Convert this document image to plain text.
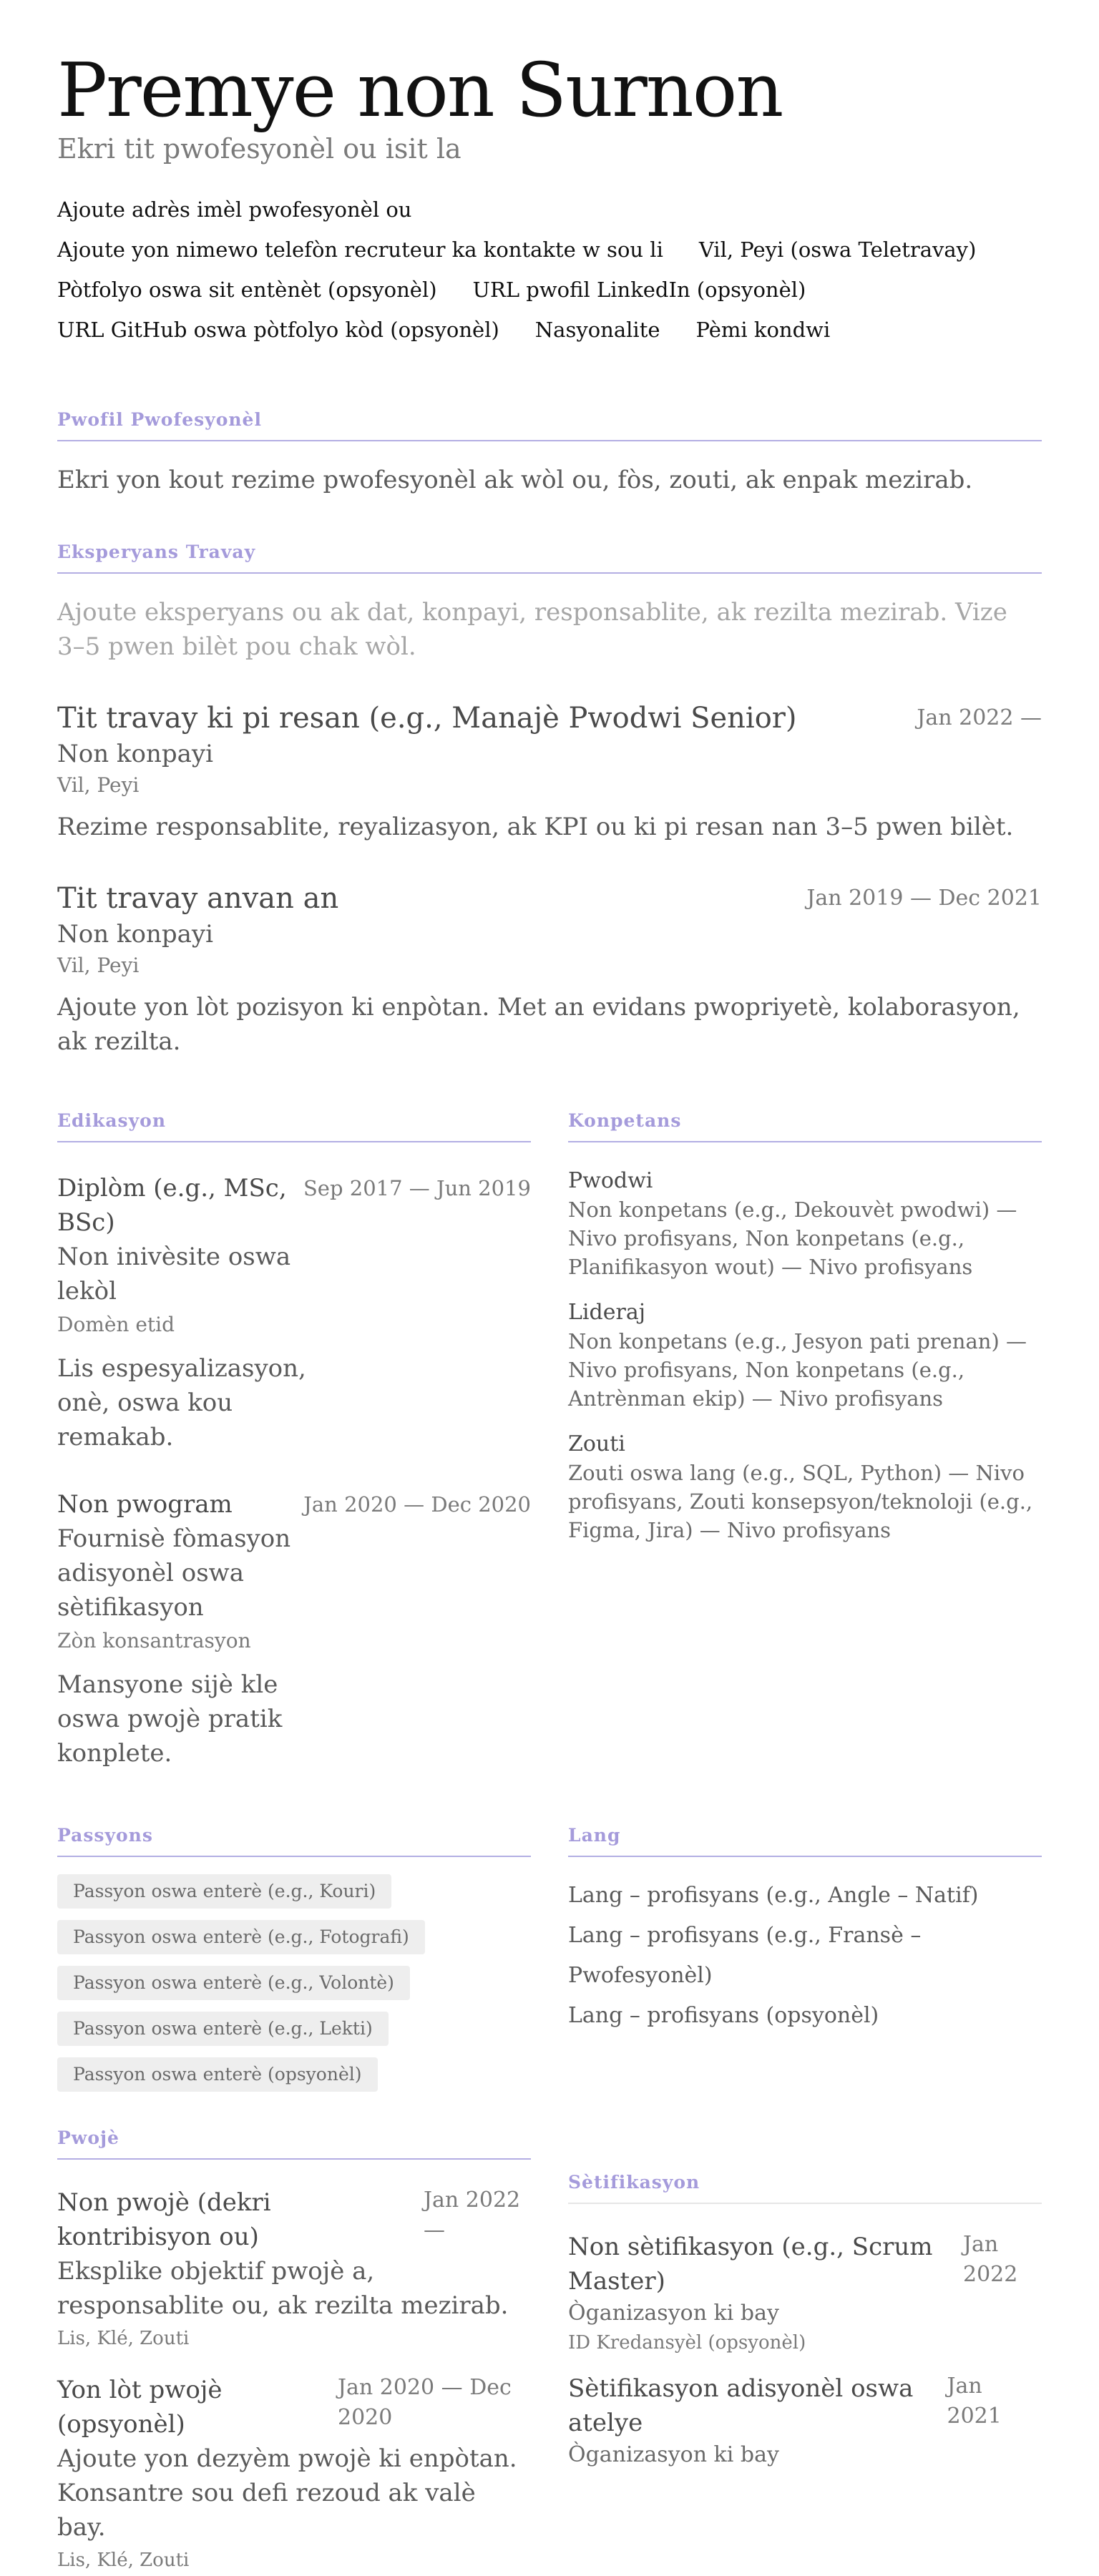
Premye non Surnon
Ekri tit pwofesyonèl ou isit la
Ajoute adrès imèl pwofesyonèl ou
Ajoute yon nimewo telefòn recruteur ka kontakte w sou li Vil, Peyi (oswa Teletravay)
Pòtfolyo oswa sit entènèt (opsyonèl) URL pwofil LinkedIn (opsyonèl)
URL GitHub oswa pòtfolyo kòd (opsyonèl) Nasyonalite Pèmi kondwi
Pwofil Pwofesyonèl
Ekri yon kout rezime pwofesyonèl ak wòl ou, fòs, zouti, ak enpak mezirab.
Eksperyans Travay
Ajoute eksperyans ou ak dat, konpayi, responsablite, ak rezilta mezirab. Vize 3–5 pwen bilèt pou chak wòl.
Tit travay ki pi resan (e.g., Manajè Pwodwi Senior)	Jan 2022 —
Non konpayi
Vil, Peyi
Rezime responsablite, reyalizasyon, ak KPI ou ki pi resan nan 3–5 pwen bilèt.
Tit travay anvan an	Jan 2019 — Dec 2021
Non konpayi
Vil, Peyi
Ajoute yon lòt pozisyon ki enpòtan. Met an evidans pwopriyetè, kolaborasyon, ak rezilta.
Edikasyon
Diplòm (e.g., MSc, BSc)
Non inivèsite oswa lekòl
Domèn etid
Sep 2017 — Jun 2019
Lis espesyalizasyon, onè, oswa kou remakab.
Non pwogram
Fournisè fòmasyon adisyonèl oswa sètifikasyon
Zòn konsantrasyon
Jan 2020 — Dec 2020
Mansyone sijè kle oswa pwojè pratik konplete.
Konpetans
Pwodwi
Non konpetans (e.g., Dekouvèt pwodwi) — Nivo profisyans, Non konpetans (e.g., Planifikasyon wout) — Nivo profisyans
Lideraj
Non konpetans (e.g., Jesyon pati prenan) — Nivo profisyans, Non konpetans (e.g., Antrènman ekip) — Nivo profisyans
Zouti
Zouti oswa lang (e.g., SQL, Python) — Nivo profisyans, Zouti konsepsyon/teknoloji (e.g., Figma, Jira) — Nivo profisyans
Passyons
Passyon oswa enterè (e.g., Kouri)
Passyon oswa enterè (e.g., Fotografi)
Passyon oswa enterè (e.g., Volontè)
Passyon oswa enterè (e.g., Lekti)
Passyon oswa enterè (opsyonèl)
Lang
Lang – profisyans (e.g., Angle – Natif)
Lang – profisyans (e.g., Fransè – Pwofesyonèl)
Lang – profisyans (opsyonèl)
Pwojè
Non pwojè (dekri kontribisyon ou)
Jan 2022 —
Eksplike objektif pwojè a, responsablite ou, ak rezilta mezirab.
Lis, Klé, Zouti
Yon lòt pwojè (opsyonèl)
Jan 2020 — Dec 2020
Ajoute yon dezyèm pwojè ki enpòtan. Konsantre sou defi rezoud ak valè bay.
Lis, Klé, Zouti
Sètifikasyon
Non sètifikasyon (e.g., Scrum Master)
Jan 2022
Òganizasyon ki bay
ID Kredansyèl (opsyonèl)
Sètifikasyon adisyonèl oswa atelye
Jan 2021
Òganizasyon ki bay
